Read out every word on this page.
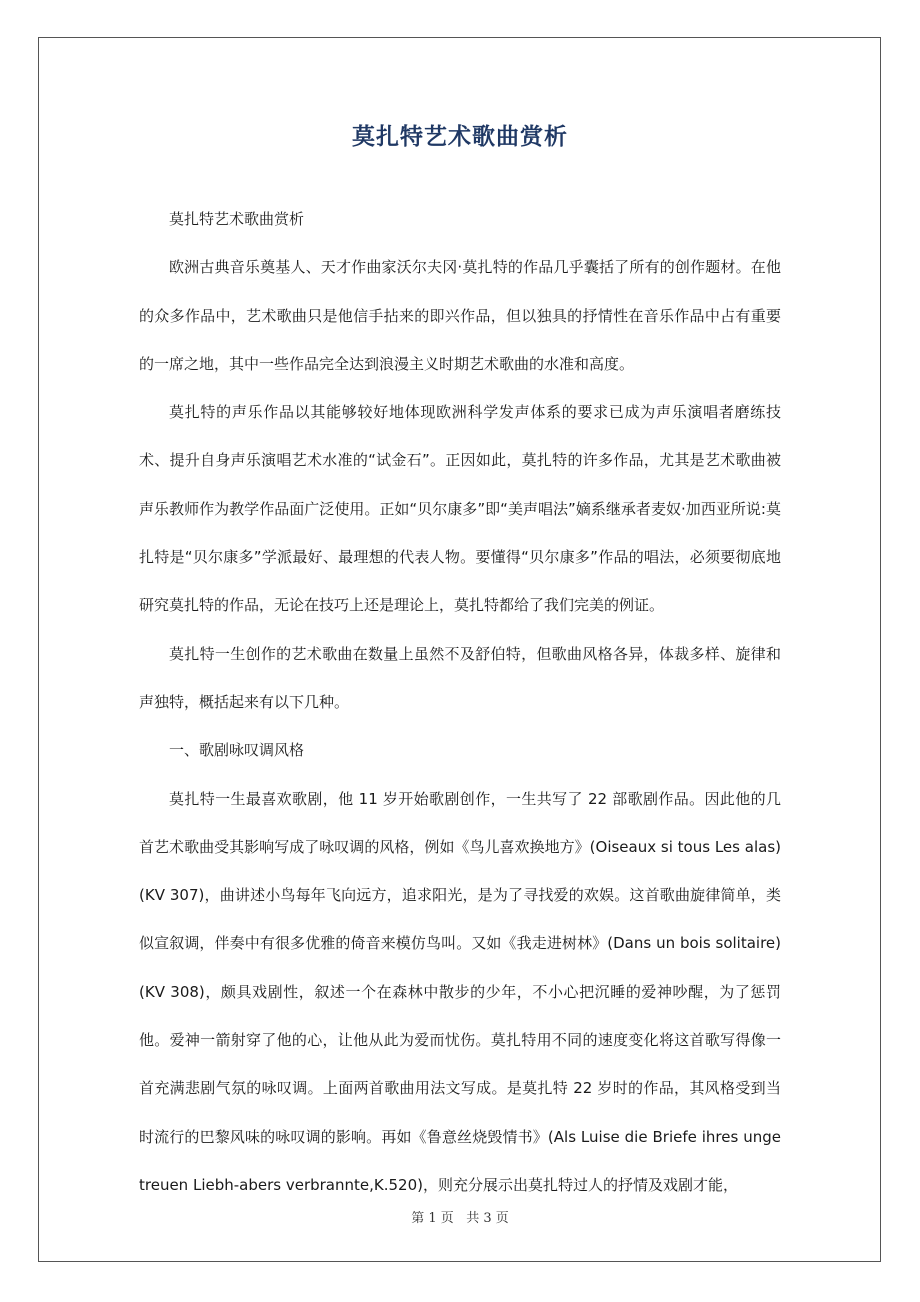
莫扎特艺术歌曲赏析

莫扎特艺术歌曲赏析

欧洲古典音乐奠基人、天才作曲家沃尔夫冈·莫扎特的作品几乎囊括了所有的创作题材。在他的众多作品中，艺术歌曲只是他信手拈来的即兴作品，但以独具的抒情性在音乐作品中占有重要的一席之地，其中一些作品完全达到浪漫主义时期艺术歌曲的水准和高度。

莫扎特的声乐作品以其能够较好地体现欧洲科学发声体系的要求已成为声乐演唱者磨练技术、提升自身声乐演唱艺术水准的“试金石”。正因如此，莫扎特的许多作品，尤其是艺术歌曲被声乐教师作为教学作品面广泛使用。正如“贝尔康多”即“美声唱法”嫡系继承者麦奴·加西亚所说:莫扎特是“贝尔康多”学派最好、最理想的代表人物。要懂得“贝尔康多”作品的唱法，必须要彻底地研究莫扎特的作品，无论在技巧上还是理论上，莫扎特都给了我们完美的例证。

莫扎特一生创作的艺术歌曲在数量上虽然不及舒伯特，但歌曲风格各异，体裁多样、旋律和声独特，概括起来有以下几种。

一、歌剧咏叹调风格

莫扎特一生最喜欢歌剧，他 11 岁开始歌剧创作，一生共写了 22 部歌剧作品。因此他的几首艺术歌曲受其影响写成了咏叹调的风格，例如《鸟儿喜欢换地方》(Oiseaux si tous Les alas)(KV 307)，曲讲述小鸟每年飞向远方，追求阳光，是为了寻找爱的欢娱。这首歌曲旋律简单，类似宣叙调，伴奏中有很多优雅的倚音来模仿鸟叫。又如《我走进树林》(Dans un bois solitaire)(KV 308)，颇具戏剧性，叙述一个在森林中散步的少年，不小心把沉睡的爱神吵醒，为了惩罚他。爱神一箭射穿了他的心，让他从此为爱而忧伤。莫扎特用不同的速度变化将这首歌写得像一首充满悲剧气氛的咏叹调。上面两首歌曲用法文写成。是莫扎特 22 岁时的作品，其风格受到当时流行的巴黎风味的咏叹调的影响。再如《鲁意丝烧毁情书》(Als Luise die Briefe ihres ungetreuen Liebh-abers verbrannte,K.520)，则充分展示出莫扎特过人的抒情及戏剧才能，

第 1 页 共 3 页
